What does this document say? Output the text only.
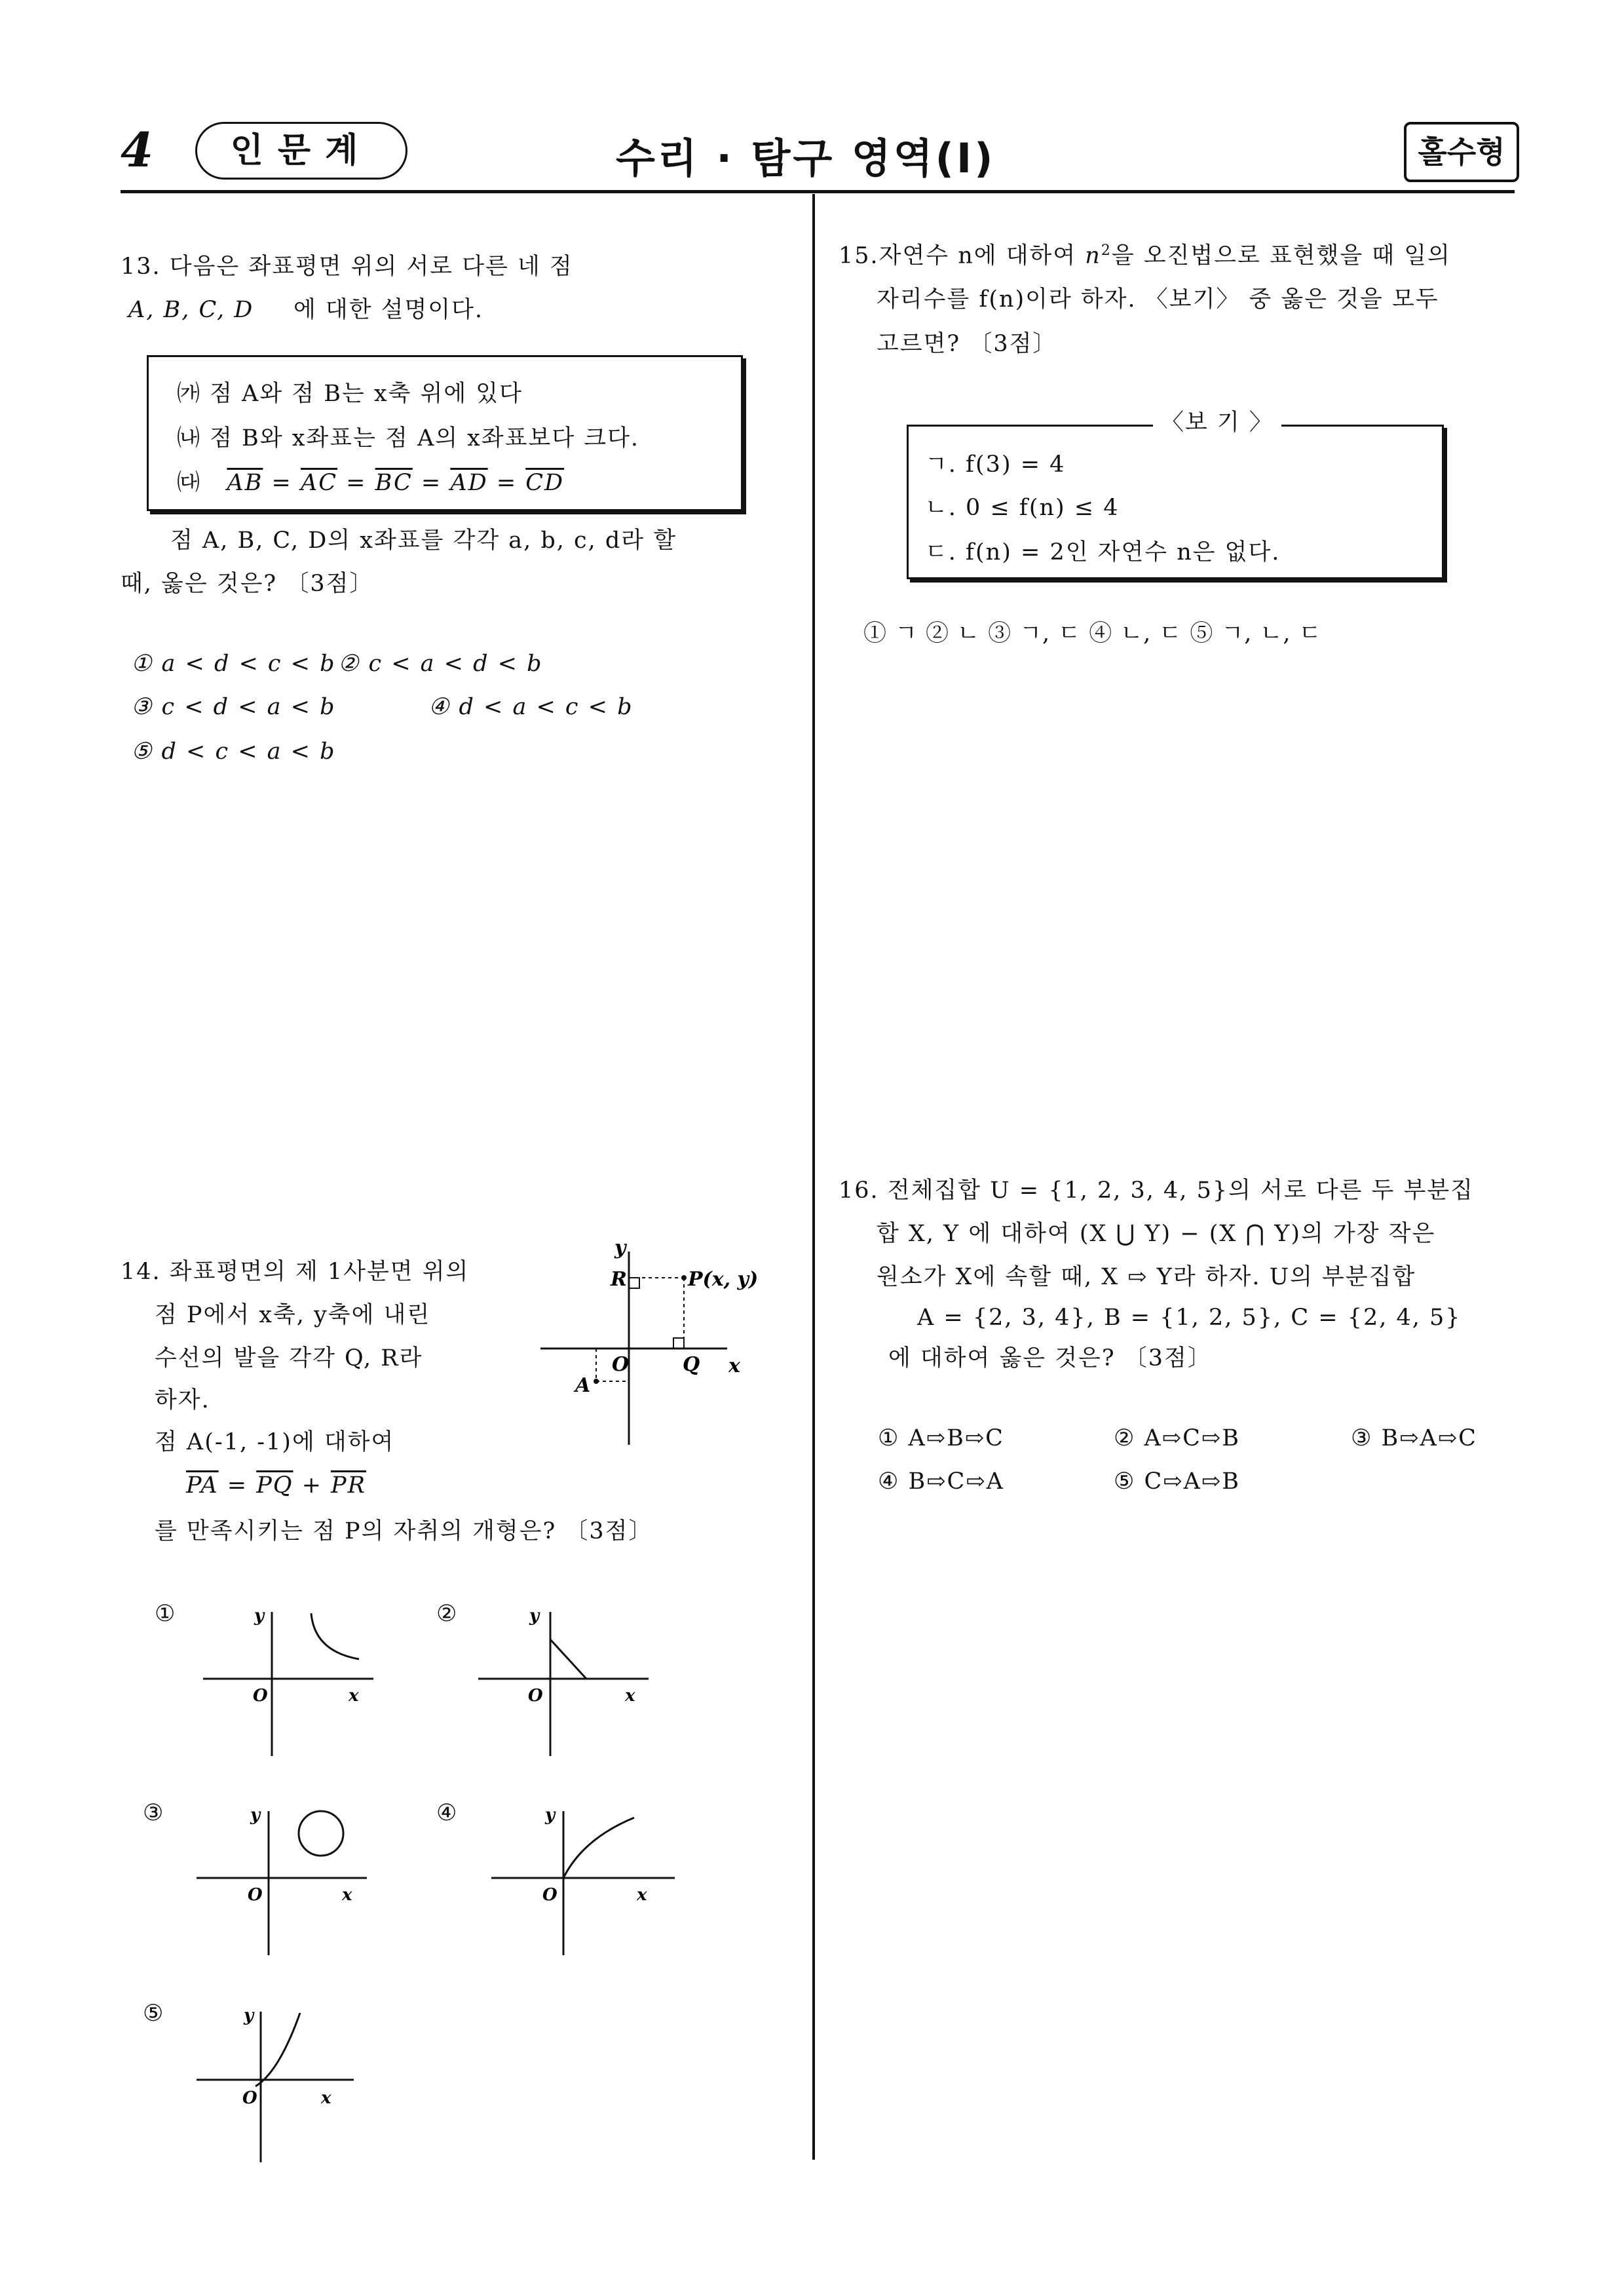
4	인문계	수리 · 탐구 영역(Ⅰ)	홀수형
13. 다음은 좌표평면 위의 서로 다른 네 점
A, B, C, D 에 대한 설명이다.
㈎ 점 A와 점 B는 x축 위에 있다
㈏ 점 B와 x좌표는 점 A의 x좌표보다 크다.
㈐ $\overline{AB} = \overline{AC} = \overline{BC} = \overline{AD} = \overline{CD}$
점 A, B, C, D의 x좌표를 각각 a, b, c, d라 할
때, 옳은 것은? 〔3점〕
① a < d < c < b ② c < a < d < b
③ c < d < a < b	④ d < a < c < b
⑤ d < c < a < b
14. 좌표평면의 제 1사분면 위의
점 P에서 x축, y축에 내린
수선의 발을 각각 Q, R라
하자.
점 A(-1, -1)에 대하여
$\overline{PA} = \overline{PQ} + \overline{PR}$
를 만족시키는 점 P의 자취의 개형은? 〔3점〕
y
R	P(x, y)
O	Q x
A
①	y
O	x
②	y
O	x
③	y
O	x
④	y
O	x
⑤	y
O	x
15.자연수 n에 대하여 $n^2$을 오진법으로 표현했을 때 일의
자리수를 f(n)이라 하자. 〈보기〉 중 옳은 것을 모두
고르면? 〔3점〕
〈보 기 〉
ㄱ. f(3) = 4
ㄴ. 0 ≤ f(n) ≤ 4
ㄷ. f(n) = 2인 자연수 n은 없다.
① ㄱ ② ㄴ ③ ㄱ, ㄷ ④ ㄴ, ㄷ ⑤ ㄱ, ㄴ, ㄷ
16. 전체집합 U = {1, 2, 3, 4, 5}의 서로 다른 두 부분집
합 X, Y 에 대하여 (X ⋃ Y) − (X ⋂ Y)의 가장 작은
원소가 X에 속할 때, X ⇨ Y라 하자. U의 부분집합
A = {2, 3, 4}, B = {1, 2, 5}, C = {2, 4, 5}
에 대하여 옳은 것은? 〔3점〕
① A⇨B⇨C	② A⇨C⇨B	③ B⇨A⇨C
④ B⇨C⇨A	⑤ C⇨A⇨B
